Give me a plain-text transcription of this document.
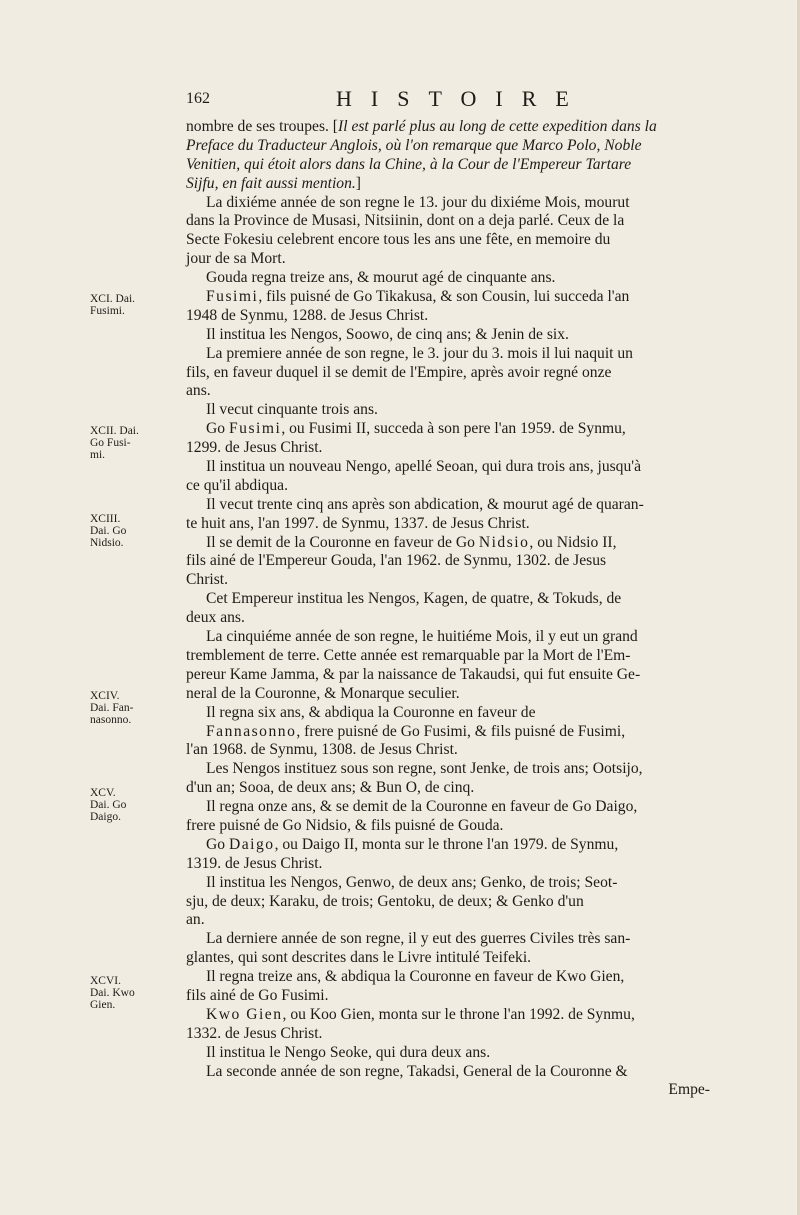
162	HISTOIRE
XCI. Dai.
Fusimi.
XCII. Dai.
Go Fusi-
mi.
XCIII.
Dai. Go
Nidsio.
XCIV.
Dai. Fan-
nasonno.
XCV.
Dai. Go
Daigo.
XCVI.
Dai. Kwo
Gien.
nombre de ses troupes. [Il est parlé plus au long de cette expedition dans la
Preface du Traducteur Anglois, où l'on remarque que Marco Polo, Noble
Venitien, qui étoit alors dans la Chine, à la Cour de l'Empereur Tartare
Sijfu, en fait aussi mention.]
La dixiéme année de son regne le 13. jour du dixiéme Mois, mourut
dans la Province de Musasi, Nitsiinin, dont on a deja parlé. Ceux de la
Secte Fokesiu celebrent encore tous les ans une fête, en memoire du
jour de sa Mort.
Gouda regna treize ans, & mourut agé de cinquante ans.
Fusimi, fils puisné de Go Tikakusa, & son Cousin, lui succeda l'an
1948 de Synmu, 1288. de Jesus Christ.
Il institua les Nengos, Soowo, de cinq ans; & Jenin de six.
La premiere année de son regne, le 3. jour du 3. mois il lui naquit un
fils, en faveur duquel il se demit de l'Empire, après avoir regné onze
ans.
Il vecut cinquante trois ans.
Go Fusimi, ou Fusimi II, succeda à son pere l'an 1959. de Synmu,
1299. de Jesus Christ.
Il institua un nouveau Nengo, apellé Seoan, qui dura trois ans, jusqu'à
ce qu'il abdiqua.
Il vecut trente cinq ans après son abdication, & mourut agé de quaran-
te huit ans, l'an 1997. de Synmu, 1337. de Jesus Christ.
Il se demit de la Couronne en faveur de Go Nidsio, ou Nidsio II,
fils ainé de l'Empereur Gouda, l'an 1962. de Synmu, 1302. de Jesus
Christ.
Cet Empereur institua les Nengos, Kagen, de quatre, & Tokuds, de
deux ans.
La cinquiéme année de son regne, le huitiéme Mois, il y eut un grand
tremblement de terre. Cette année est remarquable par la Mort de l'Em-
pereur Kame Jamma, & par la naissance de Takaudsi, qui fut ensuite Ge-
neral de la Couronne, & Monarque seculier.
Il regna six ans, & abdiqua la Couronne en faveur de
Fannasonno, frere puisné de Go Fusimi, & fils puisné de Fusimi,
l'an 1968. de Synmu, 1308. de Jesus Christ.
Les Nengos instituez sous son regne, sont Jenke, de trois ans; Ootsijo,
d'un an; Sooa, de deux ans; & Bun O, de cinq.
Il regna onze ans, & se demit de la Couronne en faveur de Go Daigo,
frere puisné de Go Nidsio, & fils puisné de Gouda.
Go Daigo, ou Daigo II, monta sur le throne l'an 1979. de Synmu,
1319. de Jesus Christ.
Il institua les Nengos, Genwo, de deux ans; Genko, de trois; Seot-
sju, de deux; Karaku, de trois; Gentoku, de deux; & Genko d'un
an.
La derniere année de son regne, il y eut des guerres Civiles très san-
glantes, qui sont descrites dans le Livre intitulé Teifeki.
Il regna treize ans, & abdiqua la Couronne en faveur de Kwo Gien,
fils ainé de Go Fusimi.
Kwo Gien, ou Koo Gien, monta sur le throne l'an 1992. de Synmu,
1332. de Jesus Christ.
Il institua le Nengo Seoke, qui dura deux ans.
La seconde année de son regne, Takadsi, General de la Couronne &
Empe-
